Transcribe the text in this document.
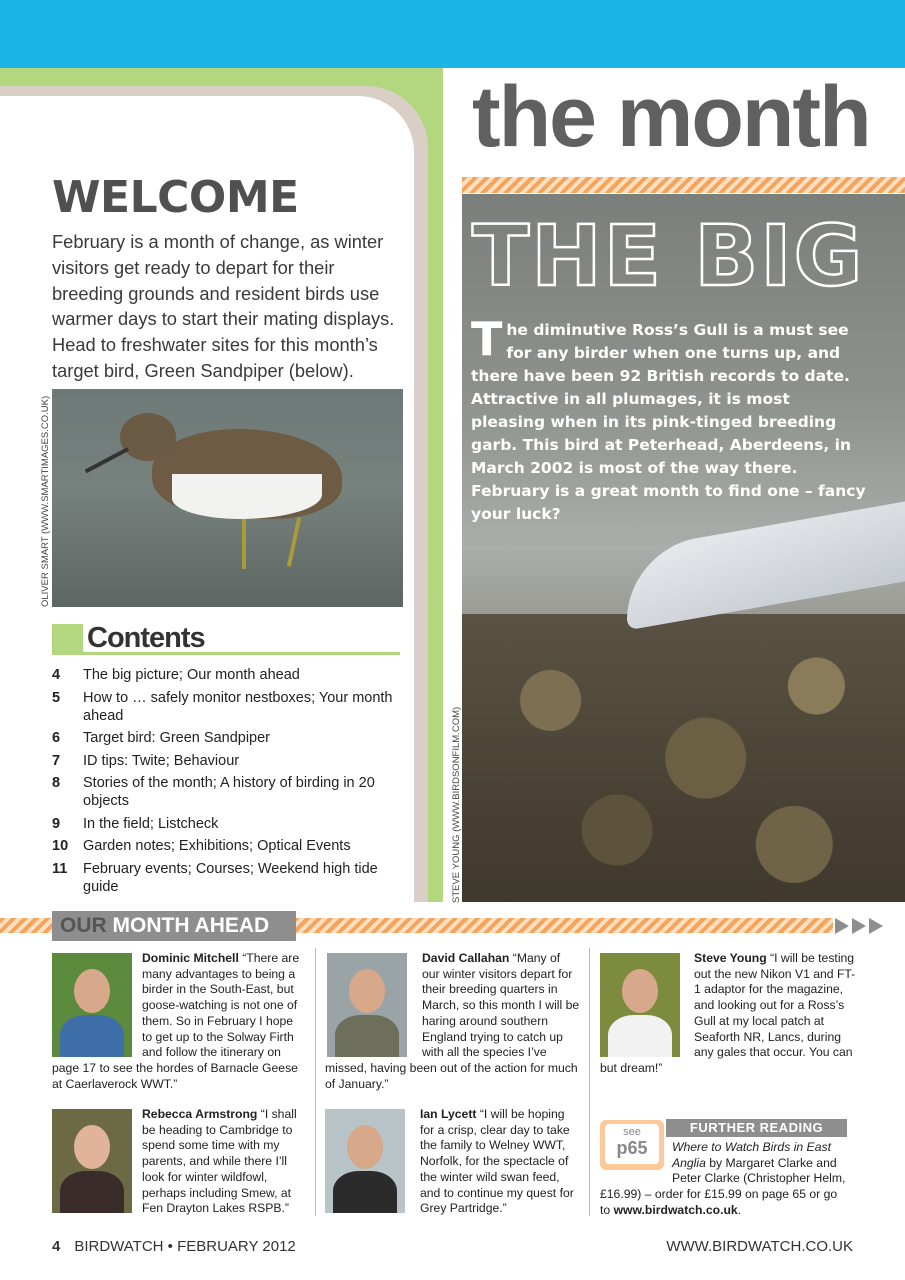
the month
THE BIG
The diminutive Ross’s Gull is a must see for any birder when one turns up, and there have been 92 British records to date. Attractive in all plumages, it is most pleasing when in its pink-tinged breeding garb. This bird at Peterhead, Aberdeens, in March 2002 is most of the way there. February is a great month to find one – fancy your luck?
STEVE YOUNG (WWW.BIRDSONFILM.COM)
WELCOME
February is a month of change, as winter visitors get ready to depart for their breeding grounds and resident birds use warmer days to start their mating displays. Head to freshwater sites for this month’s target bird, Green Sandpiper (below).
OLIVER SMART (WWW.SMARTIMAGES.CO.UK)
Contents
4	The big picture; Our month ahead
5	How to … safely monitor nestboxes; Your month ahead
6	Target bird: Green Sandpiper
7	ID tips: Twite; Behaviour
8	Stories of the month; A history of birding in 20 objects
9	In the field; Listcheck
10	Garden notes; Exhibitions; Optical Events
11	February events; Courses; Weekend high tide guide
OUR MONTH AHEAD
Dominic Mitchell “There are many advantages to being a birder in the South-East, but goose-watching is not one of them. So in February I hope to get up to the Solway Firth and follow the itinerary on page 17 to see the hordes of Barnacle Geese at Caerlaverock WWT.”
David Callahan “Many of our winter visitors depart for their breeding quarters in March, so this month I will be haring around southern England trying to catch up with all the species I’ve missed, having been out of the action for much of January.”
Steve Young “I will be testing out the new Nikon V1 and FT-1 adaptor for the magazine, and looking out for a Ross’s Gull at my local patch at Seaforth NR, Lancs, during any gales that occur. You can but dream!”
Rebecca Armstrong “I shall be heading to Cambridge to spend some time with my parents, and while there I’ll look for winter wildfowl, perhaps including Smew, at Fen Drayton Lakes RSPB.”
Ian Lycett “I will be hoping for a crisp, clear day to take the family to Welney WWT, Norfolk, for the spectacle of the winter wild swan feed, and to continue my quest for Grey Partridge.”
see
p65
FURTHER READING
Where to Watch Birds in East Anglia by Margaret Clarke and Peter Clarke (Christopher Helm,
£16.99) – order for £15.99 on page 65 or go to www.birdwatch.co.uk.
4 BIRDWATCH • FEBRUARY 2012	WWW.BIRDWATCH.CO.UK
